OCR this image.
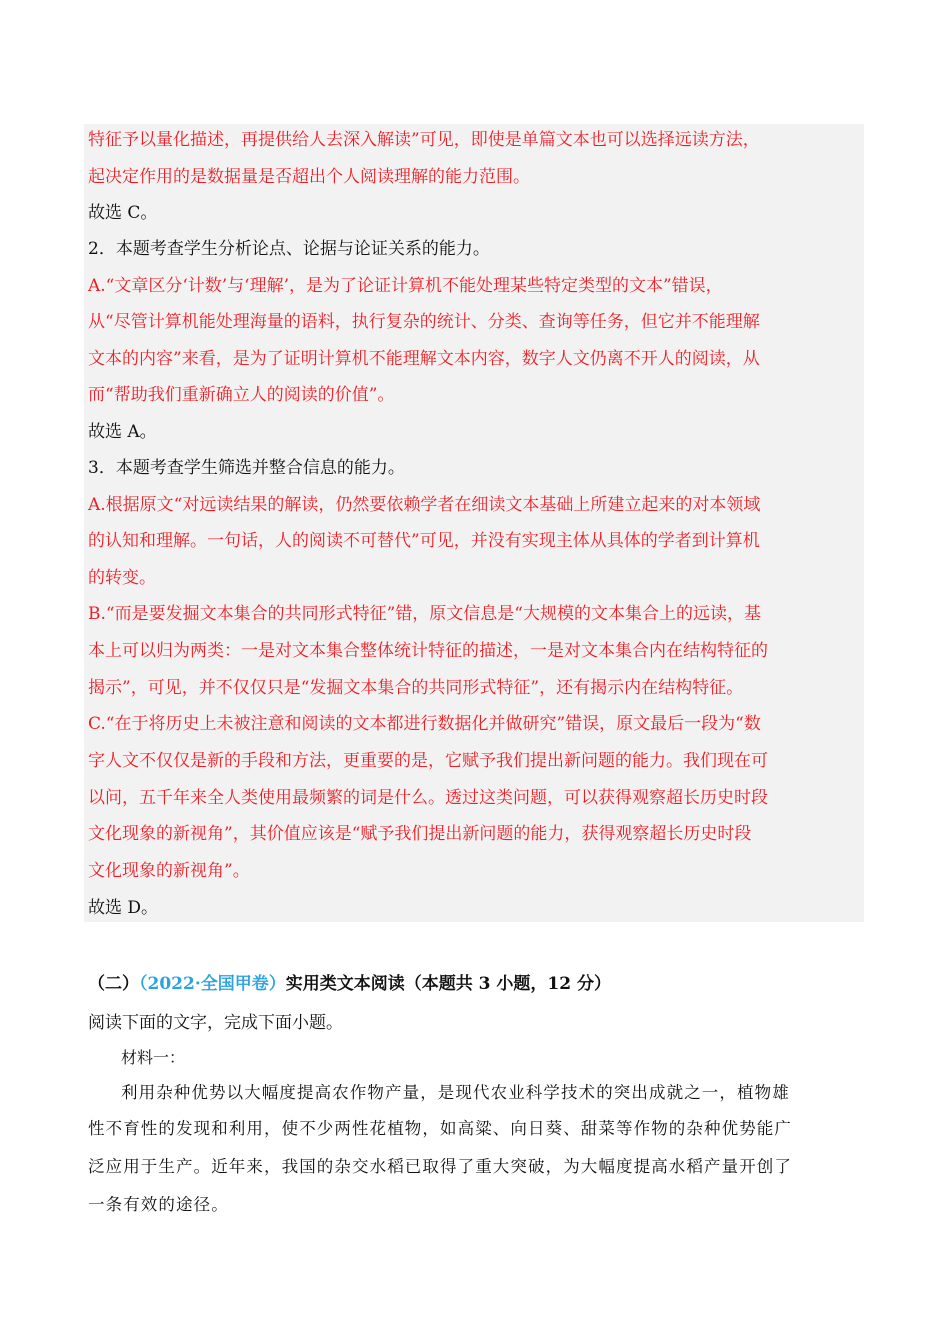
特征予以量化描述，再提供给人去深入解读”可见，即使是单篇文本也可以选择远读方法，
起决定作用的是数据量是否超出个人阅读理解的能力范围。
故选 C。
2．本题考查学生分析论点、论据与论证关系的能力。
A.“文章区分‘计数’与‘理解’，是为了论证计算机不能处理某些特定类型的文本”错误，
从“尽管计算机能处理海量的语料，执行复杂的统计、分类、查询等任务，但它并不能理解
文本的内容”来看，是为了证明计算机不能理解文本内容，数字人文仍离不开人的阅读，从
而“帮助我们重新确立人的阅读的价值”。
故选 A。
3．本题考查学生筛选并整合信息的能力。
A.根据原文“对远读结果的解读，仍然要依赖学者在细读文本基础上所建立起来的对本领域
的认知和理解。一句话，人的阅读不可替代”可见，并没有实现主体从具体的学者到计算机
的转变。
B.“而是要发掘文本集合的共同形式特征”错，原文信息是“大规模的文本集合上的远读，基
本上可以归为两类：一是对文本集合整体统计特征的描述，一是对文本集合内在结构特征的
揭示”，可见，并不仅仅只是“发掘文本集合的共同形式特征”，还有揭示内在结构特征。
C.“在于将历史上未被注意和阅读的文本都进行数据化并做研究”错误，原文最后一段为“数
字人文不仅仅是新的手段和方法，更重要的是，它赋予我们提出新问题的能力。我们现在可
以问，五千年来全人类使用最频繁的词是什么。透过这类问题，可以获得观察超长历史时段
文化现象的新视角”，其价值应该是“赋予我们提出新问题的能力，获得观察超长历史时段
文化现象的新视角”。
故选 D。
（二）（2022·全国甲卷）实用类文本阅读（本题共 3 小题，12 分）
阅读下面的文字，完成下面小题。
材料一：
利用杂种优势以大幅度提高农作物产量，是现代农业科学技术的突出成就之一，植物雄
性不育性的发现和利用，使不少两性花植物，如高粱、向日葵、甜菜等作物的杂种优势能广
泛应用于生产。近年来，我国的杂交水稻已取得了重大突破，为大幅度提高水稻产量开创了
一条有效的途径。
